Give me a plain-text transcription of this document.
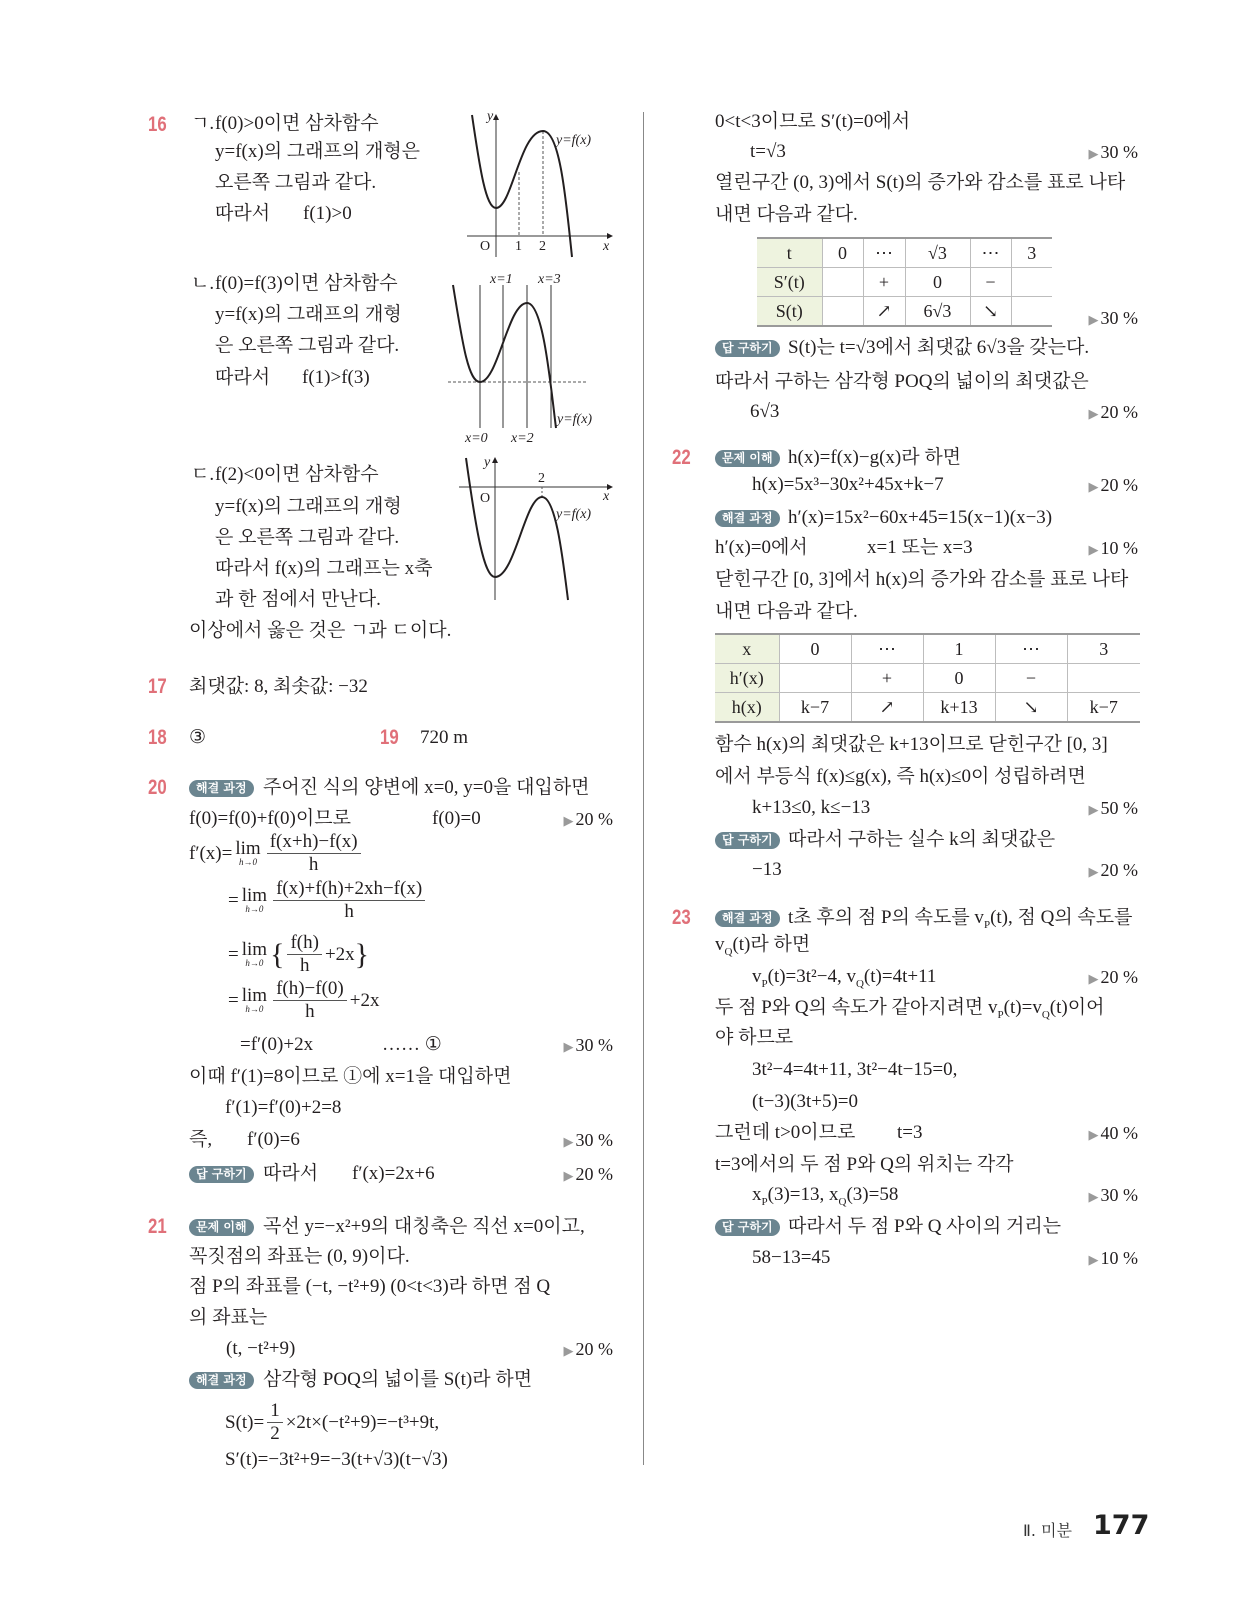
16 ㄱ. f(0)>0이면 삼차함수
y=f(x)의 그래프의 개형은
오른쪽 그림과 같다.
따라서 f(1)>0
ㄴ. f(0)=f(3)이면 삼차함수
y=f(x)의 그래프의 개형
은 오른쪽 그림과 같다.
따라서 f(1)>f(3)
ㄷ. f(2)<0이면 삼차함수
y=f(x)의 그래프의 개형
은 오른쪽 그림과 같다.
따라서 f(x)의 그래프는 x축
과 한 점에서 만난다.
이상에서 옳은 것은 ㄱ과 ㄷ이다.
y
O 1 2	x
y=f(x)
x=1 x=3
x=0 x=2
y=f(x)
y
2
O	x
y=f(x)
17 최댓값: 8, 최솟값: −32
18 ③	19 720 m
20	해결 과정 주어진 식의 양변에 x=0, y=0을 대입하면
f(0)=f(0)+f(0)이므로	f(0)=0	▶ 20 %
f′(x)= lim
$h\to 0 \frac{f(x+h)-f(x)}{h}$
= lim
$h\to 0 \frac{f(x)+f(h)+2xh-f(x)}{h}$
= lim
h→0 { $\frac{f(h)}{h} +2x$ }
= lim
$h\to 0 \frac{f(h)-f(0)}{h} +2x$
=f′(0)+2x	…… ①	▶ 30 %
이때 f′(1)=8이므로 ①에 x=1을 대입하면
f′(1)=f′(0)+2=8
즉, f′(0)=6	▶ 30 %
답 구하기 따라서 f′(x)=2x+6	▶ 20 %
21	문제 이해 곡선 y=−x²+9의 대칭축은 직선 x=0이고,
꼭짓점의 좌표는 (0, 9)이다.
점 P의 좌표를 (−t, −t²+9) (0<t<3)라 하면 점 Q
의 좌표는
(t, −t²+9)	▶ 20 %
해결 과정 삼각형 POQ의 넓이를 S(t)라 하면
$S(t)= \frac{1}{2} \times 2t\times(-t^2+9)=-t^3+9t$,
S′(t)=−3t²+9=−3(t+√3)(t−√3)
0<t<3이므로 S′(t)=0에서
t=√3	▶ 30 %
열린구간 (0, 3)에서 S(t)의 증가와 감소를 표로 나타
내면 다음과 같다.
t	0	⋯	√3	⋯	3
S′(t)		+	0	−	
S(t)		↗	6√3	↘		▶ 30 %
답 구하기 S(t)는 t=√3에서 최댓값 6√3을 갖는다.
따라서 구하는 삼각형 POQ의 넓이의 최댓값은
6√3	▶ 20 %
22	문제 이해 h(x)=f(x)−g(x)라 하면
h(x)=5x³−30x²+45x+k−7	▶ 20 %
해결 과정 h′(x)=15x²−60x+45=15(x−1)(x−3)
h′(x)=0에서	x=1 또는 x=3	▶ 10 %
닫힌구간 [0, 3]에서 h(x)의 증가와 감소를 표로 나타
내면 다음과 같다.
x	0	⋯	1	⋯	3
h′(x)		+	0	−	
h(x)	k−7	↗	k+13	↘	k−7
함수 h(x)의 최댓값은 k+13이므로 닫힌구간 [0, 3]
에서 부등식 f(x)≤g(x), 즉 h(x)≤0이 성립하려면
k+13≤0, k≤−13	▶ 50 %
답 구하기 따라서 구하는 실수 k의 최댓값은
−13	▶ 20 %
23	해결 과정 t초 후의 점 P의 속도를 $v_P(t)$, 점 Q의 속도를
$v_Q(t)$라 하면
$v_P(t)=3t^2-4$, $v_Q(t)=4t+11$	▶ 20 %
두 점 P와 Q의 속도가 같아지려면 $v_P(t)=v_Q(t)$이어
야 하므로
3t²−4=4t+11, 3t²−4t−15=0,
(t−3)(3t+5)=0
그런데 t>0이므로 t=3	▶ 40 %
t=3에서의 두 점 P와 Q의 위치는 각각
$x_P(3)=13$, $x_Q(3)=58$	▶ 30 %
답 구하기 따라서 두 점 P와 Q 사이의 거리는
58−13=45	▶ 10 %
Ⅱ. 미분 177
